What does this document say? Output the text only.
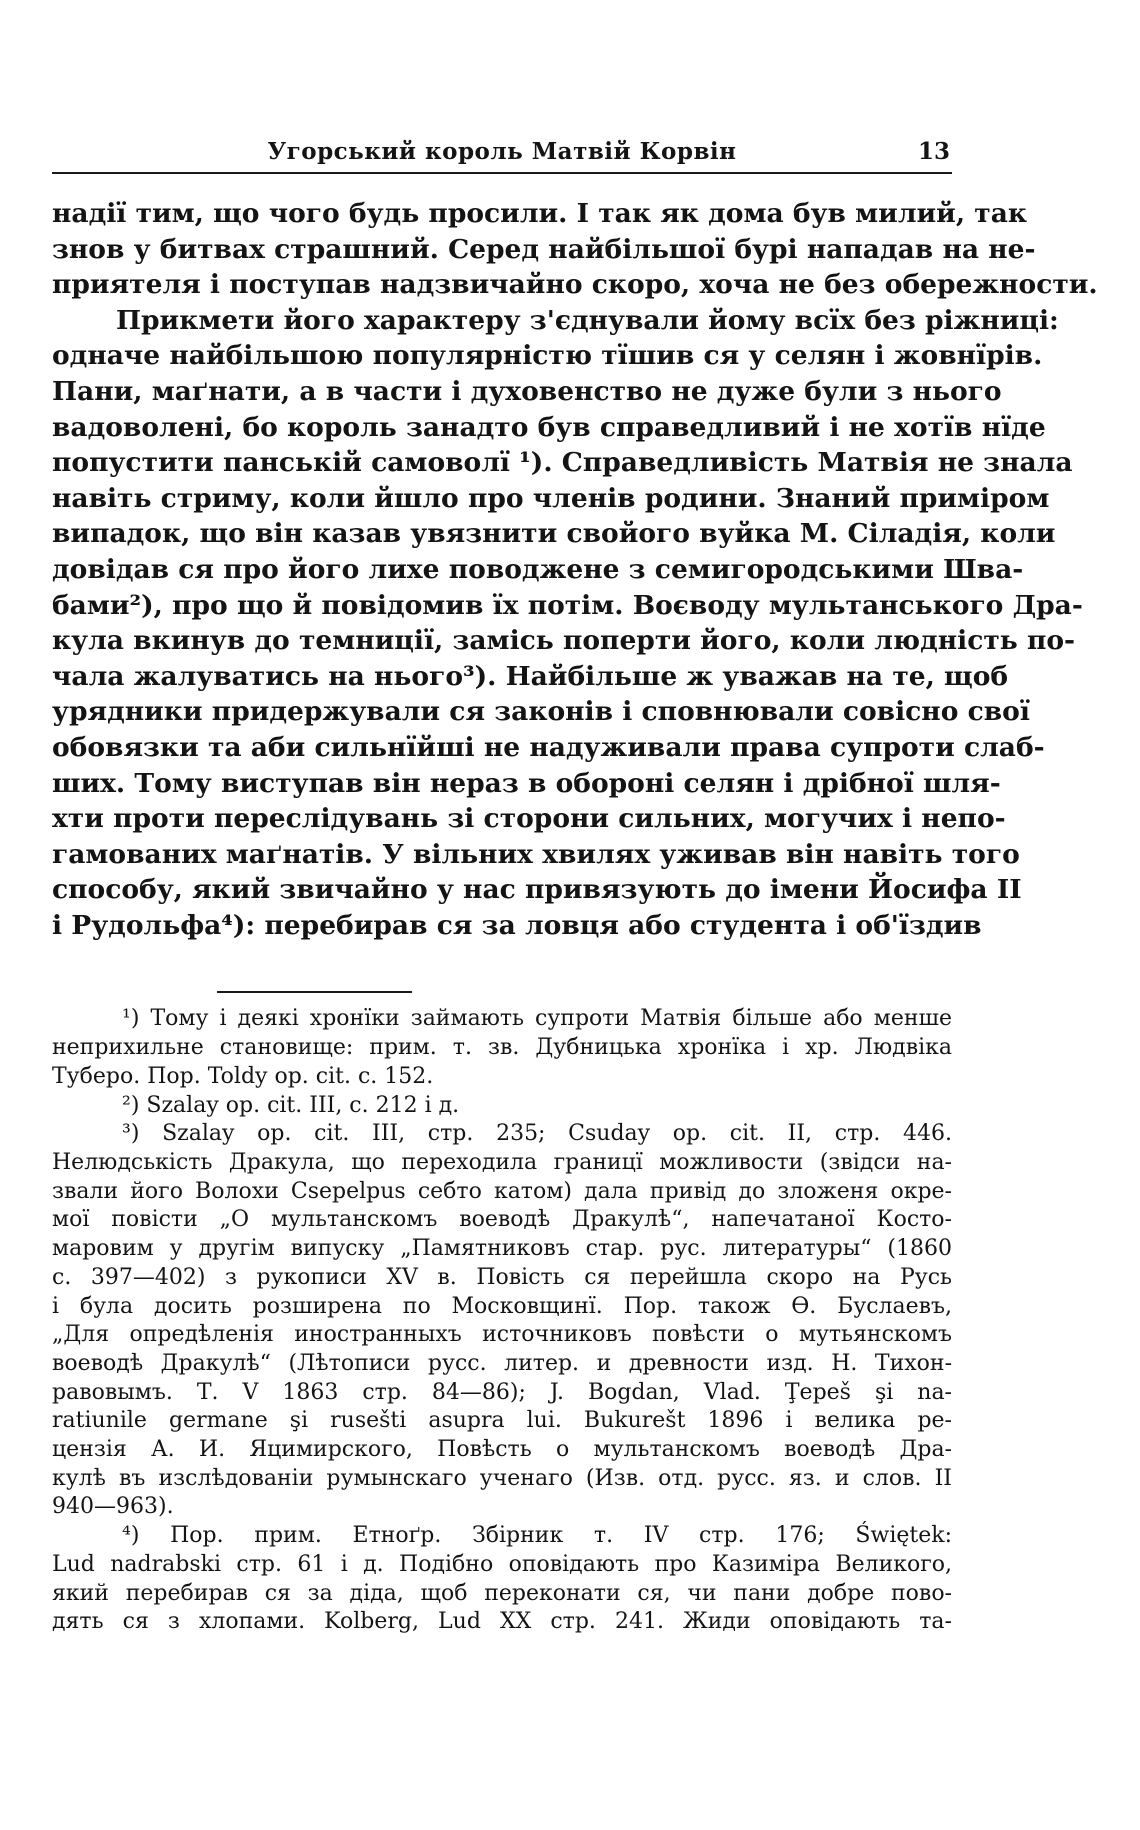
Угорський король Матвій Корвін	13
надії тим, що чого будь просили. І так як дома був милий, так
знов у битвах страшний. Серед найбільшої бурі нападав на не-
приятеля і поступав надзвичайно скоро, хоча не без обережности.
Прикмети його характеру з'єднували йому всїх без ріжниці:
одначе найбільшою популярністю тїшив ся у селян і жовнїрів.
Пани, маґнати, а в части і духовенство не дуже були з нього
вадоволені, бо король занадто був справедливий і не хотїв нїде
попустити панській самоволї ¹). Справедливість Матвія не знала
навіть стриму, коли йшло про членів родини. Знаний приміром
випадок, що він казав увязнити свойого вуйка М. Сіладія, коли
довідав ся про його лихе поводжене з семигородськими Шва-
бами²), про що й повідомив їх потім. Воєводу мультанського Дра-
кула вкинув до темниції, замісь поперти його, коли людність по-
чала жалуватись на нього³). Найбільше ж уважав на те, щоб
урядники придержували ся законів і сповнювали совісно свої
обовязки та аби сильнїйші не надуживали права супроти слаб-
ших. Тому виступав він нераз в обороні селян і дрібної шля-
хти проти переслідувань зі сторони сильних, могучих і непо-
гамованих маґнатів. У вільних хвилях уживав він навіть того
способу, який звичайно у нас привязують до імени Йосифа ІІ
і Рудольфа⁴): перебирав ся за ловця або студента і об'їздив
¹) Тому і деякі хронїки займають супроти Матвія більше або менше
неприхильне становище: прим. т. зв. Дубницька хронїка і хр. Людвіка
Туберо. Пор. Toldy op. cit. c. 152.
²) Szalay op. cit. III, c. 212 і д.
³) Szalay op. cit. III, стр. 235; Csuday op. cit. II, стр. 446.
Нелюдськість Дракула, що переходила границї можливости (звідси на-
звали його Волохи Csepelpus себто катом) дала привід до зложеня окре-
мої повісти „О мультанскомъ воеводѣ Дракулѣ“, напечатаної Косто-
маровим у другім випуску „Памятниковъ стар. рус. литературы“ (1860
с. 397—402) з рукописи XV в. Повість ся перейшла скоро на Русь
і була досить розширена по Московщинї. Пор. також Ѳ. Буслаевъ,
„Для опредѣленія иностранныхъ источниковъ повѣсти о мутьянскомъ
воеводѣ Дракулѣ“ (Лѣтописи русс. литер. и древности изд. Н. Тихон-
равовымъ. Т. V 1863 стр. 84—86); J. Bogdan, Vlad. Ţepeš şi na-
ratiunile germane şi rusešti asupra lui. Bukurešt 1896 і велика ре-
цензія А. И. Яцимирского, Повѣсть о мультанскомъ воеводѣ Дра-
кулѣ въ изслѣдованіи румынскаго ученаго (Изв. отд. русс. яз. и слов. II
940—963).
⁴) Пор. прим. Етноґр. Збірник т. IV стр. 176; Świętek:
Lud nadrabski стр. 61 і д. Подібно оповідають про Казиміра Великого,
який перебирав ся за діда, щоб переконати ся, чи пани добре пово-
дять ся з хлопами. Kolberg, Lud XX стр. 241. Жиди оповідають та-
